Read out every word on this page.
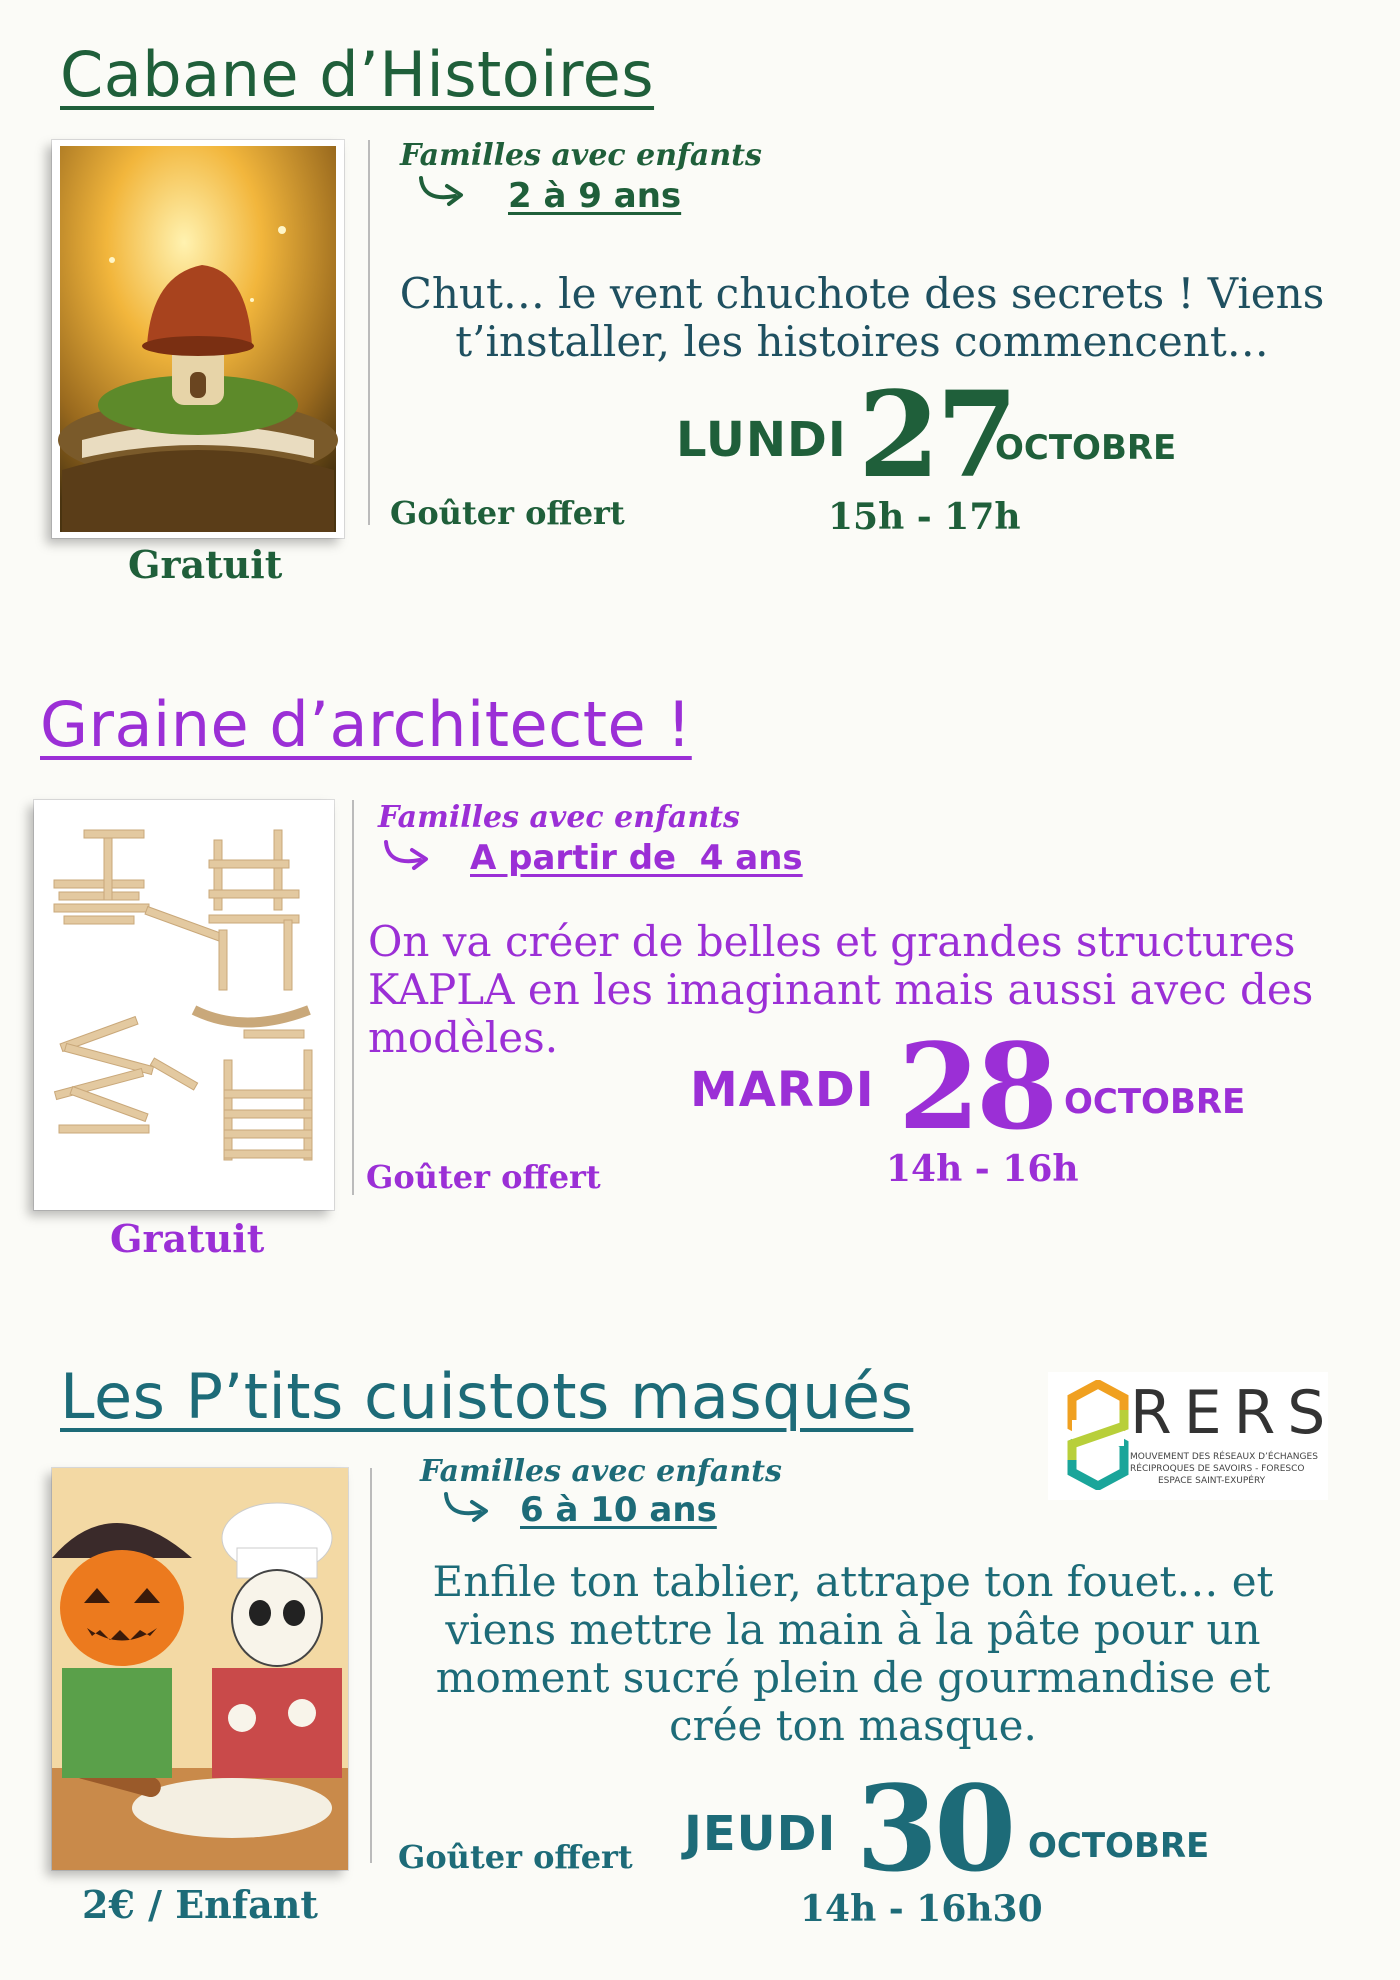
Cabane d’Histoires
Familles avec enfants
2 à 9 ans
Chut… le vent chuchote des secrets ! Viens t’installer, les histoires commencent…
LUNDI 27
OCTOBRE
15h - 17h
Goûter offert
Gratuit
Graine d’architecte !
Familles avec enfants
A partir de  4 ans
On va créer de belles et grandes structures KAPLA en les imaginant mais aussi avec des modèles.
MARDI 28 OCTOBRE
14h - 16h
Goûter offert
Gratuit
Les P’tits cuistots masqués	RERS
MOUVEMENT DES RÉSEAUX D’ÉCHANGES
RÉCIPROQUES DE SAVOIRS - FORESCO
ESPACE SAINT-EXUPÉRY
Familles avec enfants
6 à 10 ans
Enfile ton tablier, attrape ton fouet… et viens mettre la main à la pâte pour un moment sucré plein de gourmandise et crée ton masque.
JEUDI 30 OCTOBRE
14h - 16h30
Goûter offert
2€ / Enfant
